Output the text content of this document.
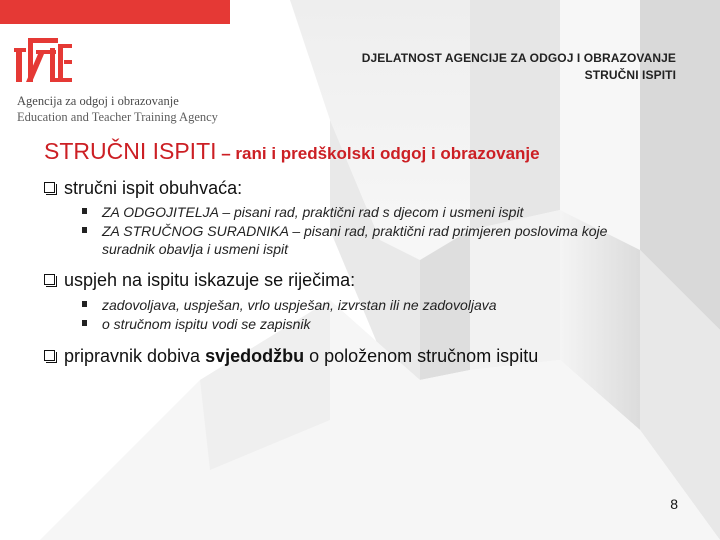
Agencija za odgoj i obrazovanje
Education and Teacher Training Agency
DJELATNOST AGENCIJE ZA ODGOJ I OBRAZOVANJE
STRUČNI ISPITI
STRUČNI ISPITI – rani i predškolski odgoj i obrazovanje
stručni ispit obuhvaća:
ZA ODGOJITELJA – pisani rad, praktični rad s djecom i usmeni ispit
ZA STRUČNOG SURADNIKA – pisani rad, praktični rad primjeren poslovima koje suradnik obavlja i usmeni ispit
uspjeh na ispitu iskazuje se riječima:
zadovoljava, uspješan, vrlo uspješan, izvrstan ili ne zadovoljava
o stručnom ispitu vodi se zapisnik
pripravnik dobiva svjedodžbu o položenom stručnom ispitu
8
